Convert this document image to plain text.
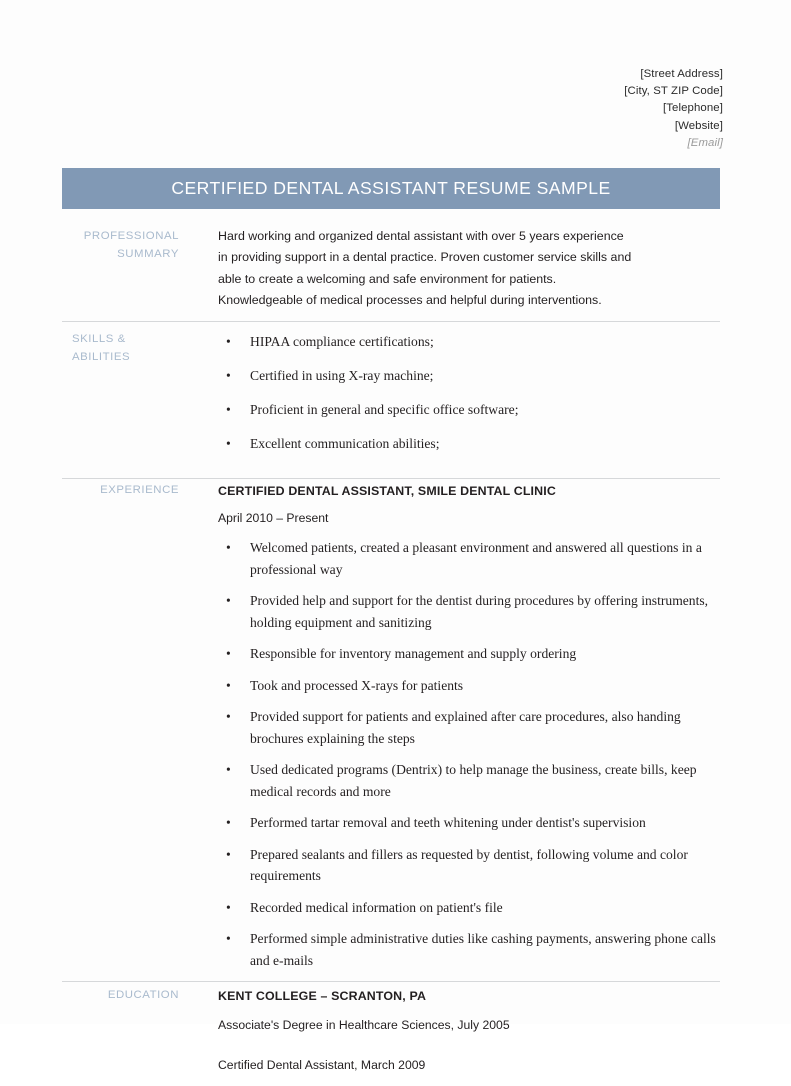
[Street Address]
[City, ST ZIP Code]
[Telephone]
[Website]
[Email]
CERTIFIED DENTAL ASSISTANT RESUME SAMPLE
PROFESSIONAL
SUMMARY
Hard working and organized dental assistant with over 5 years experience
in providing support in a dental practice. Proven customer service skills and
able to create a welcoming and safe environment for patients.
Knowledgeable of medical processes and helpful during interventions.
SKILLS & ABILITIES
• HIPAA compliance certifications;
• Certified in using X-ray machine;
• Proficient in general and specific office software;
• Excellent communication abilities;
EXPERIENCE	CERTIFIED DENTAL ASSISTANT, SMILE DENTAL CLINIC
April 2010 – Present
• Welcomed patients, created a pleasant environment and answered all questions in a professional way
• Provided help and support for the dentist during procedures by offering instruments, holding equipment and sanitizing
• Responsible for inventory management and supply ordering
• Took and processed X-rays for patients
• Provided support for patients and explained after care procedures, also handing brochures explaining the steps
• Used dedicated programs (Dentrix) to help manage the business, create bills, keep medical records and more
• Performed tartar removal and teeth whitening under dentist's supervision
• Prepared sealants and fillers as requested by dentist, following volume and color requirements
• Recorded medical information on patient's file
• Performed simple administrative duties like cashing payments, answering phone calls and e-mails
EDUCATION	KENT COLLEGE – SCRANTON, PA
Associate's Degree in Healthcare Sciences, July 2005
Certified Dental Assistant, March 2009
